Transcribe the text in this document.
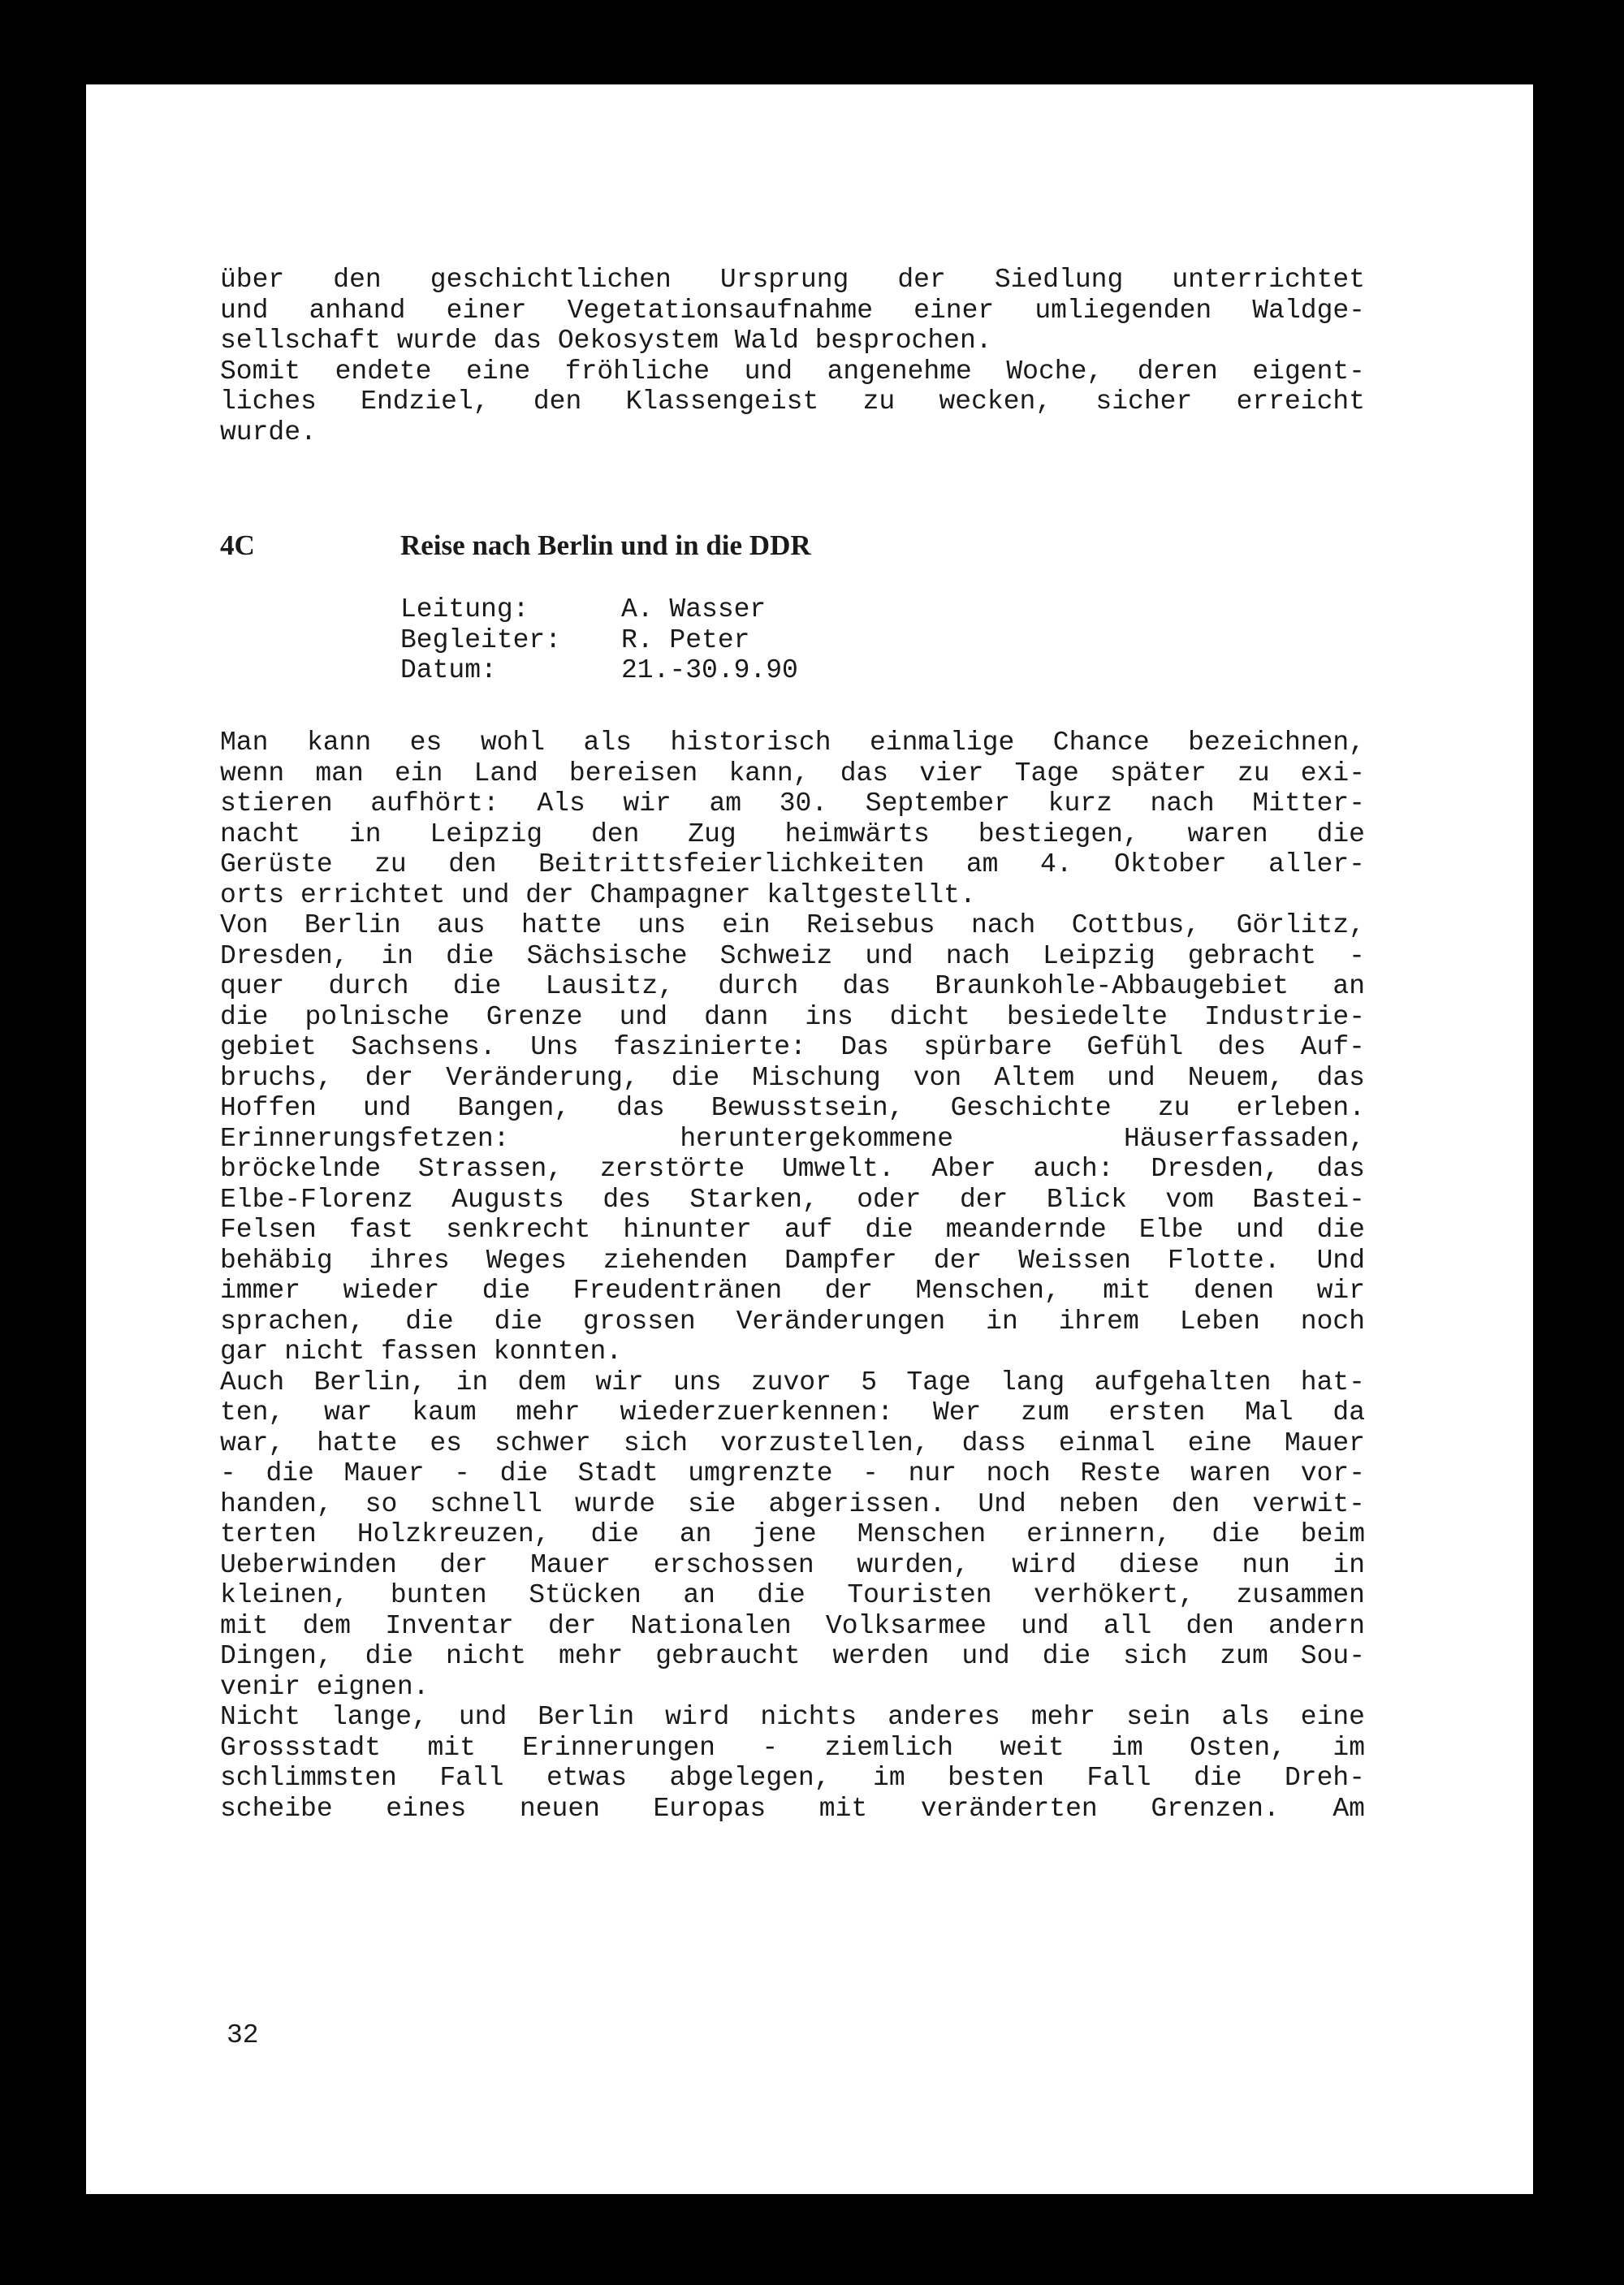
über den geschichtlichen Ursprung der Siedlung unterrichtet
und anhand einer Vegetationsaufnahme einer umliegenden Waldge-
sellschaft wurde das Oekosystem Wald besprochen.
Somit endete eine fröhliche und angenehme Woche, deren eigent-
liches Endziel, den Klassengeist zu wecken, sicher erreicht
wurde.
4C	Reise nach Berlin und in die DDR
Leitung:	A. Wasser
Begleiter:	R. Peter
Datum:	21.-30.9.90
Man kann es wohl als historisch einmalige Chance bezeichnen,
wenn man ein Land bereisen kann, das vier Tage später zu exi-
stieren aufhört: Als wir am 30. September kurz nach Mitter-
nacht in Leipzig den Zug heimwärts bestiegen, waren die
Gerüste zu den Beitrittsfeierlichkeiten am 4. Oktober aller-
orts errichtet und der Champagner kaltgestellt.
Von Berlin aus hatte uns ein Reisebus nach Cottbus, Görlitz,
Dresden, in die Sächsische Schweiz und nach Leipzig gebracht -
quer durch die Lausitz, durch das Braunkohle-Abbaugebiet an
die polnische Grenze und dann ins dicht besiedelte Industrie-
gebiet Sachsens. Uns faszinierte: Das spürbare Gefühl des Auf-
bruchs, der Veränderung, die Mischung von Altem und Neuem, das
Hoffen und Bangen, das Bewusstsein, Geschichte zu erleben.
Erinnerungsfetzen: heruntergekommene Häuserfassaden,
bröckelnde Strassen, zerstörte Umwelt. Aber auch: Dresden, das
Elbe-Florenz Augusts des Starken, oder der Blick vom Bastei-
Felsen fast senkrecht hinunter auf die meandernde Elbe und die
behäbig ihres Weges ziehenden Dampfer der Weissen Flotte. Und
immer wieder die Freudentränen der Menschen, mit denen wir
sprachen, die die grossen Veränderungen in ihrem Leben noch
gar nicht fassen konnten.
Auch Berlin, in dem wir uns zuvor 5 Tage lang aufgehalten hat-
ten, war kaum mehr wiederzuerkennen: Wer zum ersten Mal da
war, hatte es schwer sich vorzustellen, dass einmal eine Mauer
- die Mauer - die Stadt umgrenzte - nur noch Reste waren vor-
handen, so schnell wurde sie abgerissen. Und neben den verwit-
terten Holzkreuzen, die an jene Menschen erinnern, die beim
Ueberwinden der Mauer erschossen wurden, wird diese nun in
kleinen, bunten Stücken an die Touristen verhökert, zusammen
mit dem Inventar der Nationalen Volksarmee und all den andern
Dingen, die nicht mehr gebraucht werden und die sich zum Sou-
venir eignen.
Nicht lange, und Berlin wird nichts anderes mehr sein als eine
Grossstadt mit Erinnerungen - ziemlich weit im Osten, im
schlimmsten Fall etwas abgelegen, im besten Fall die Dreh-
scheibe eines neuen Europas mit veränderten Grenzen. Am
32
